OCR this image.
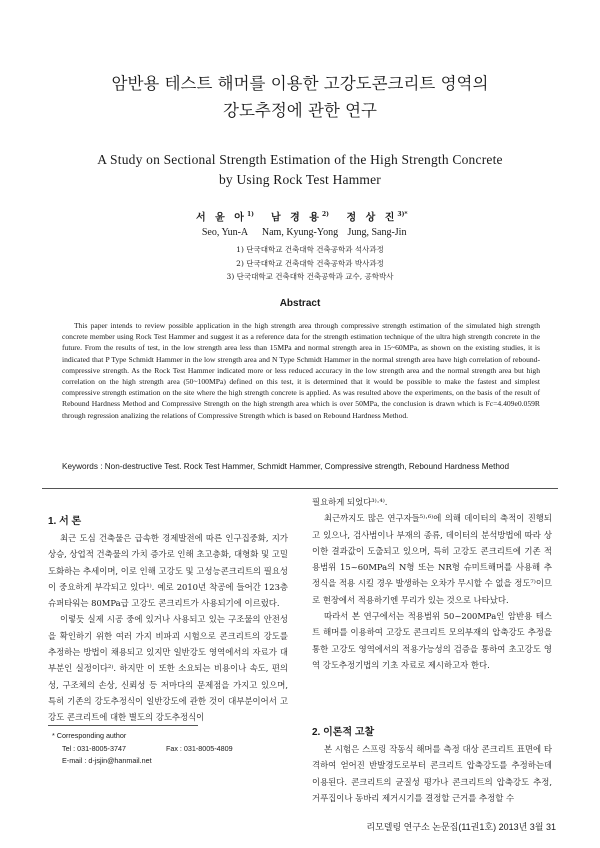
암반용 테스트 해머를 이용한 고강도콘크리트 영역의
강도추정에 관한 연구
A Study on Sectional Strength Estimation of the High Strength Concrete
by Using Rock Test Hammer
서 윤 아$^{1)}$
Seo, Yun-A
남 경 용$^{2)}$
Nam, Kyung-Yong
정 상 진$^{3)*}$
Jung, Sang-Jin
1) 단국대학교 건축대학 건축공학과 석사과정
2) 단국대학교 건축대학 건축공학과 박사과정
3) 단국대학교 건축대학 건축공학과 교수, 공학박사
Abstract
This paper intends to review possible application in the high strength area through compressive strength estimation of the simulated high strength concrete member using Rock Test Hammer and suggest it as a reference data for the strength estimation technique of the ultra high strength concrete in the future. From the results of test, in the low strength area less than 15MPa and normal strength area in 15~60MPa, as shown on the existing studies, it is indicated that P Type Schmidt Hammer in the low strength area and N Type Schmidt Hammer in the normal strength area have high correlation of rebound-compressive strength. As the Rock Test Hammer indicated more or less reduced accuracy in the low strength area and the normal strength area but high correlation on the high strength area (50~100MPa) defined on this test, it is determined that it would be possible to make the fastest and simplest compressive strength estimation on the site where the high strength concrete is applied. As was resulted above the experiments, on the basis of the result of Rebound Hardness Method and Compressive Strength on the high strength area which is over 50MPa, the conclusion is drawn which is Fc=4.409e0.059R through regression analizing the relations of Compressive Strength which is based on Rebound Hardness Method.
Keywords : Non-destructive Test. Rock Test Hammer, Schmidt Hammer, Compressive strength, Rebound Hardness Method
1. 서 론

최근 도심 건축물은 급속한 경제발전에 따른 인구집중화, 지가상승, 상업적 건축물의 가치 증가로 인해 초고층화, 대형화 및 고밀도화하는 추세이며, 이로 인해 고강도 및 고성능콘크리트의 필요성이 중요하게 부각되고 있다¹⁾. 예로 2010년 착공에 들어간 123층 슈퍼타워는 80MPa급 고강도 콘크리트가 사용되기에 이르렀다.

이렇듯 실제 시공 중에 있거나 사용되고 있는 구조물의 안전성을 확인하기 위한 여러 가지 비파괴 시험으로 콘크리트의 강도를 추정하는 방법이 채용되고 있지만 일반강도 영역에서의 자료가 대부분인 실정이다²⁾. 하지만 이 또한 소요되는 비용이나 속도, 편의성, 구조체의 손상, 신뢰성 등 저마다의 문제점을 가지고 있으며, 특히 기존의 강도추정식이 일반강도에 관한 것이 대부분이어서 고강도 콘크리트에 대한 별도의 강도추정식이

필요하게 되었다³⁾·⁴⁾.

최근까지도 많은 연구자들⁵⁾·⁶⁾에 의해 데이터의 축적이 진행되고 있으나, 검사범이나 부재의 종류, 데이터의 분석방법에 따라 상이한 결과값이 도출되고 있으며, 특히 고강도 콘크리트에 기존 적용범위 15~60MPa의 N형 또는 NR형 슈미트해머를 사용해 추정식을 적용 시킬 경우 발생하는 오차가 무시할 수 없을 정도⁷⁾이므로 현장에서 적용하기엔 무리가 있는 것으로 나타났다.

따라서 본 연구에서는 적용범위 50~200MPa인 암반용 테스트 해머를 이용하여 고강도 콘크리트 모의부재의 압축강도 추정을 통한 고강도 영역에서의 적용가능성의 검증을 통하여 초고강도 영역 강도추정기법의 기초 자료로 제시하고자 한다.

2. 이론적 고찰

본 시험은 스프링 작동식 해머를 측정 대상 콘크리트 표면에 타격하여 얻어진 반발경도로부터 콘크리트 압축강도를 추정하는데 이용된다. 콘크리트의 균질성 평가나 콘크리트의 압축강도 추정, 거푸집이나 동바리 제거시기를 결정할 근거를 추정할 수

* Corresponding author
Tel : 031-8005-3747	Fax : 031-8005-4809
E-mail : d-jsjin@hanmail.net
리모델링 연구소 논문집(11권1호) 2013년 3월 31
